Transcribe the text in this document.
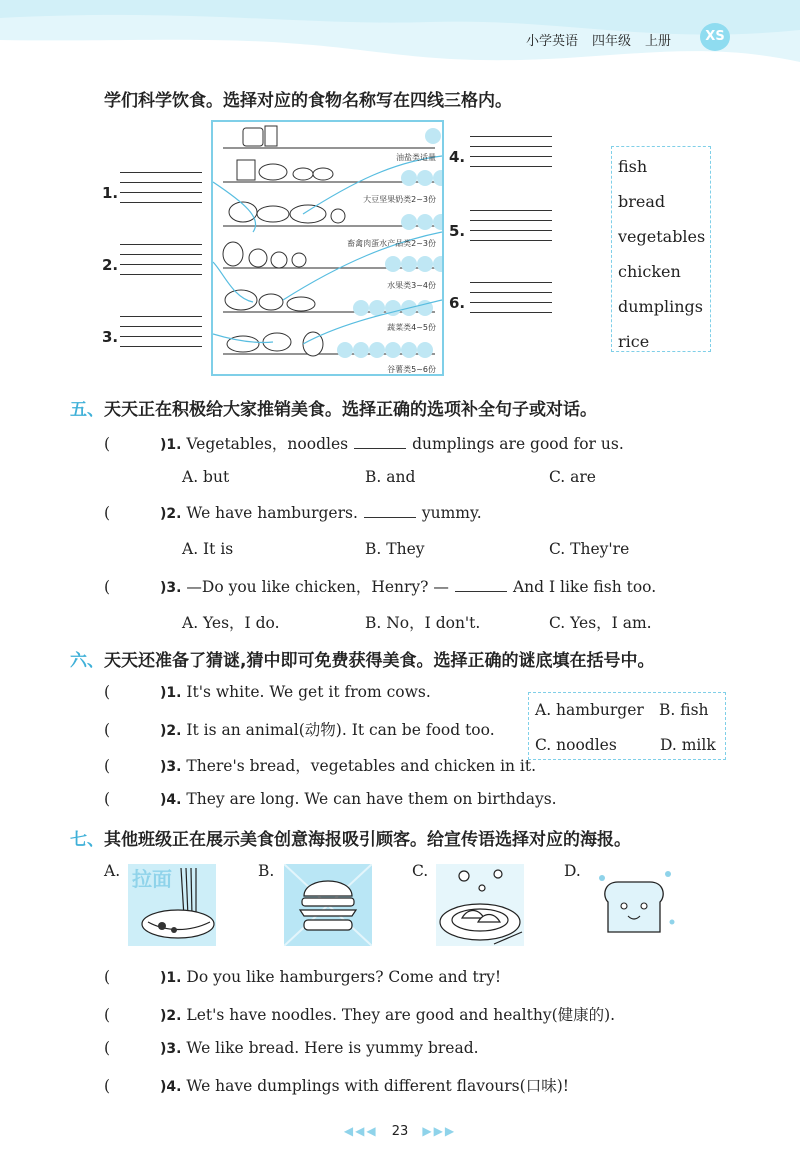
小学英语 四年级 上册	XS
学们科学饮食。选择对应的食物名称写在四线三格内。
油盐类适量
大豆坚果奶类2~3份
畜禽肉蛋水产品类2~3份
水果类3~4份
蔬菜类4~5份
谷薯类5~6份
1.
2.
3.
4.
5.
6.
fish
bread
vegetables
chicken
dumplings
rice
五、天天正在积极给大家推销美食。选择正确的选项补全句子或对话。
(	)1. Vegetables，noodles	dumplings are good for us.
A. but	B. and	C. are
(	)2. We have hamburgers.	yummy.
A. It is	B. They	C. They're
(	)3. —Do you like chicken，Henry? —	And I like fish too.
A. Yes，I do.	B. No，I don't.	C. Yes，I am.
六、天天还准备了猜谜,猜中即可免费获得美食。选择正确的谜底填在括号中。
(	)1. It's white. We get it from cows.
(	)2. It is an animal(动物). It can be food too.
(	)3. There's bread，vegetables and chicken in it.
(	)4. They are long. We can have them on birthdays.
A. hamburger B. fish
C. noodles	D. milk
七、其他班级正在展示美食创意海报吸引顾客。给宣传语选择对应的海报。
A. 拉面	B.	C.	D.
(	)1. Do you like hamburgers? Come and try!
(	)2. Let's have noodles. They are good and healthy(健康的).
(	)3. We like bread. Here is yummy bread.
(	)4. We have dumplings with different flavours(口味)!
◀◀◀ 23 ▶▶▶
